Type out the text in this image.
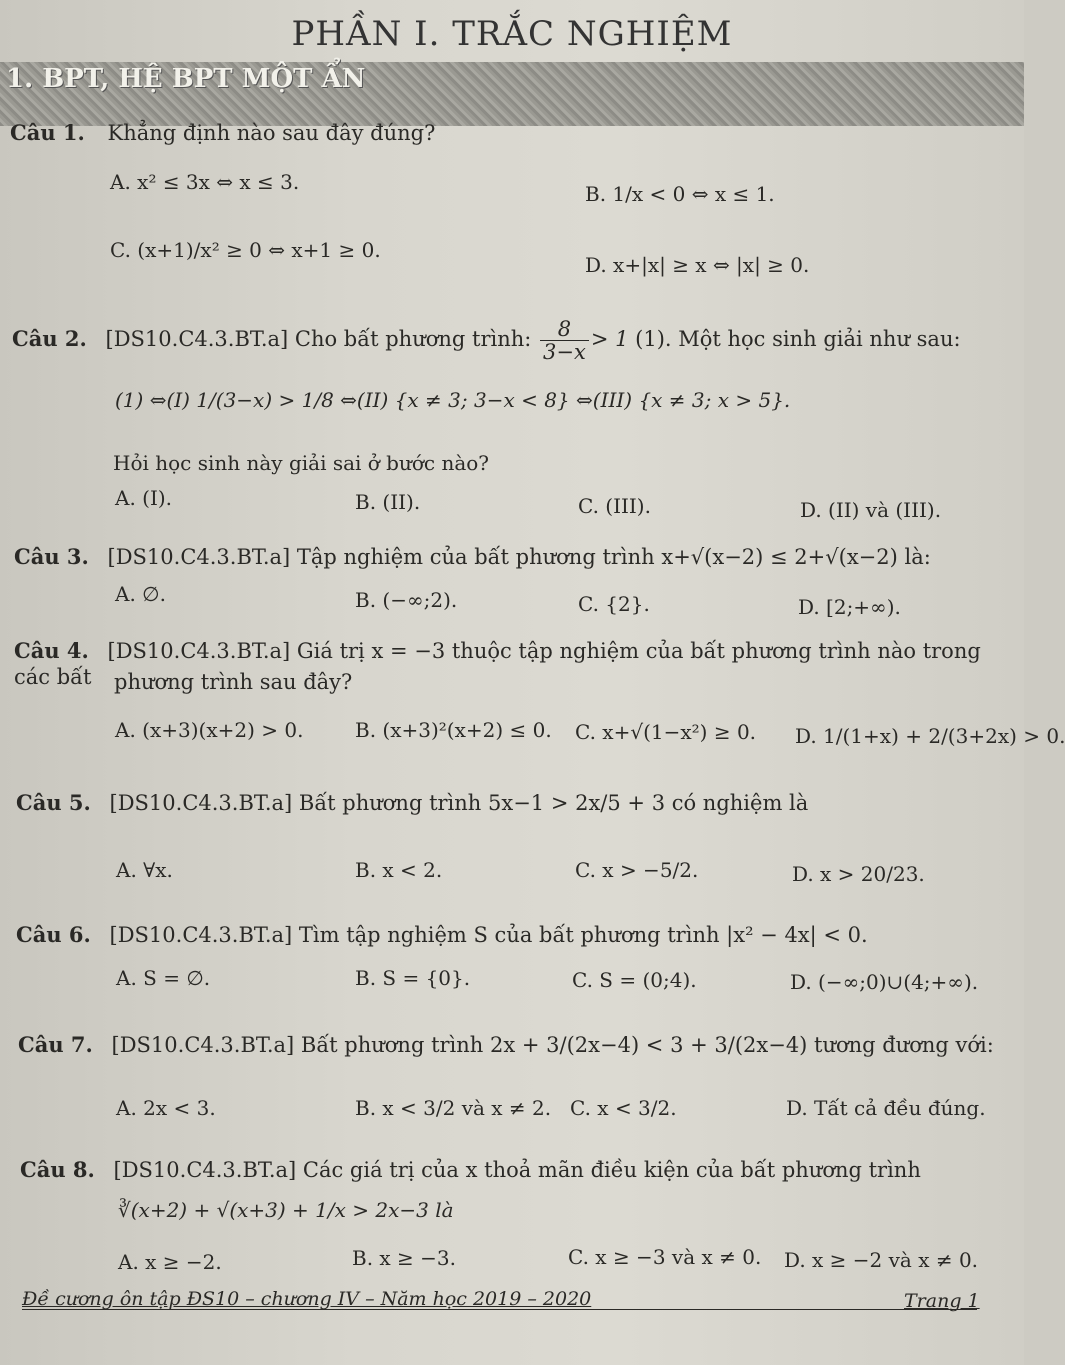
PHẦN I. TRẮC NGHIỆM
1. BPT, HỆ BPT MỘT ẨN
Câu 1. Khẳng định nào sau đây đúng?
A. x² ≤ 3x ⇔ x ≤ 3.	B. 1/x < 0 ⇔ x ≤ 1.
C. (x+1)/x² ≥ 0 ⇔ x+1 ≥ 0.
D. x+|x| ≥ x ⇔ |x| ≥ 0.
Câu 2. [DS10.C4.3.BT.a] Cho bất phương trình: $\frac{8}{3-x} > 1$ (1). Một học sinh giải như sau:
(1) ⇔(I) 1/(3−x) > 1/8 ⇔(II) {x ≠ 3; 3−x < 8} ⇔(III) {x ≠ 3; x > 5}.
Hỏi học sinh này giải sai ở bước nào?
A. (I).	B. (II).	C. (III).	D. (II) và (III).
Câu 3. [DS10.C4.3.BT.a] Tập nghiệm của bất phương trình x+√(x−2) ≤ 2+√(x−2) là:
A. ∅.	B. (−∞;2).	C. {2}.	D. [2;+∞).
Câu 4. [DS10.C4.3.BT.a] Giá trị x = −3 thuộc tập nghiệm của bất phương trình nào trong các bất	phương trình sau đây?
A. (x+3)(x+2) > 0.	B. (x+3)²(x+2) ≤ 0. C. x+√(1−x²) ≥ 0. D. 1/(1+x) + 2/(3+2x) > 0.
Câu 5. [DS10.C4.3.BT.a] Bất phương trình 5x−1 > 2x/5 + 3 có nghiệm là
A. ∀x.	B. x < 2.	C. x > −5/2.	D. x > 20/23.
Câu 6. [DS10.C4.3.BT.a] Tìm tập nghiệm S của bất phương trình |x² − 4x| < 0.
A. S = ∅.	B. S = {0}.	C. S = (0;4).	D. (−∞;0)∪(4;+∞).
Câu 7. [DS10.C4.3.BT.a] Bất phương trình 2x + 3/(2x−4) < 3 + 3/(2x−4) tương đương với:
A. 2x < 3.	B. x < 3/2 và x ≠ 2. C. x < 3/2.	D. Tất cả đều đúng.
Câu 8. [DS10.C4.3.BT.a] Các giá trị của x thoả mãn điều kiện của bất phương trình
∛(x+2) + √(x+3) + 1/x > 2x−3 là
A. x ≥ −2.	B. x ≥ −3.	C. x ≥ −3 và x ≠ 0. D. x ≥ −2 và x ≠ 0.
Đề cương ôn tập ĐS10 – chương IV – Năm học 2019 – 2020	Trang 1
